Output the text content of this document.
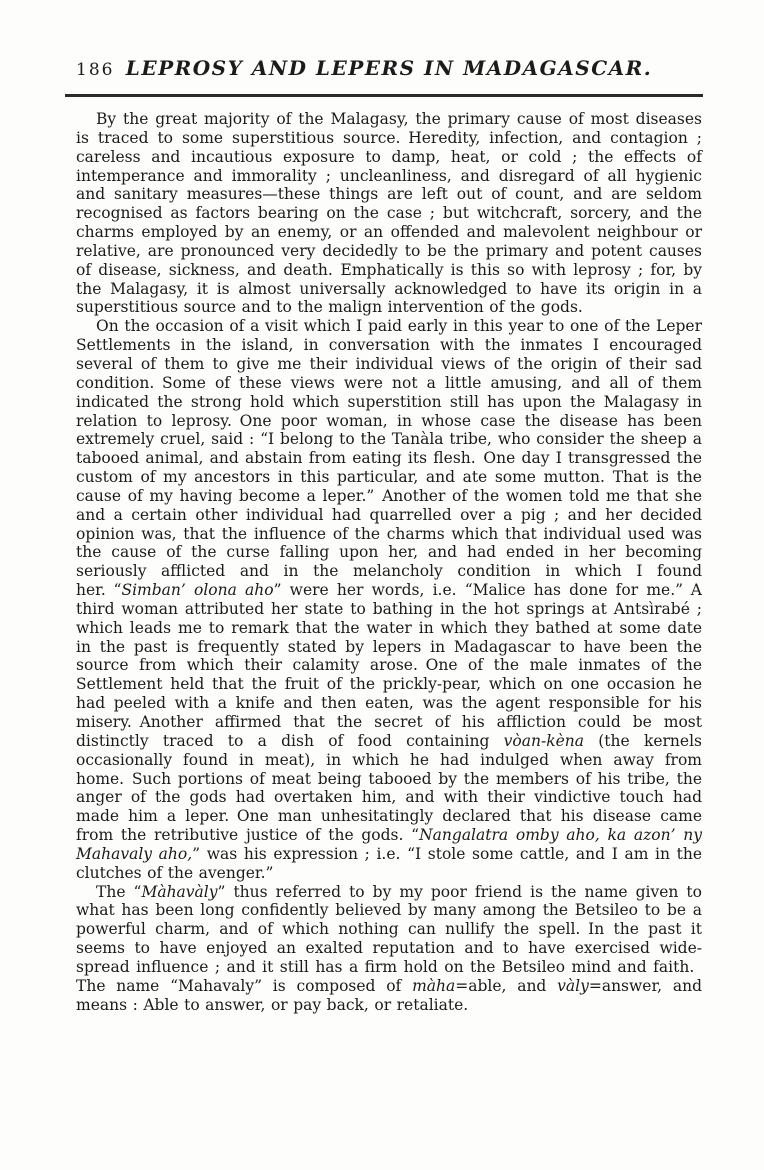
186 LEPROSY AND LEPERS IN MADAGASCAR.

By the great majority of the Malagasy, the primary cause of most diseases is traced to some superstitious source. Heredity, infection, and contagion ; careless and incautious exposure to damp, heat, or cold ; the effects of intemperance and immorality ; uncleanliness, and disregard of all hygienic and sanitary measures—these things are left out of count, and are seldom recognised as factors bearing on the case ; but witchcraft, sorcery, and the charms employed by an enemy, or an offended and malevolent neighbour or relative, are pronounced very decidedly to be the primary and potent causes of disease, sickness, and death. Emphatically is this so with leprosy ; for, by the Malagasy, it is almost universally acknowledged to have its origin in a superstitious source and to the malign intervention of the gods.

On the occasion of a visit which I paid early in this year to one of the Leper Settlements in the island, in conversation with the inmates I encouraged several of them to give me their individual views of the origin of their sad condition. Some of these views were not a little amusing, and all of them indicated the strong hold which superstition still has upon the Malagasy in relation to leprosy. One poor woman, in whose case the disease has been extremely cruel, said : “I belong to the Tanàla tribe, who consider the sheep a tabooed animal, and abstain from eating its flesh. One day I transgressed the custom of my ancestors in this particular, and ate some mutton. That is the cause of my having become a leper.” Another of the women told me that she and a certain other individual had quarrelled over a pig ; and her decided opinion was, that the influence of the charms which that individual used was the cause of the curse falling upon her, and had ended in her becoming seriously afflicted and in the melancholy condition in which I found her. “Simban’ olona aho” were her words, i.e. “Malice has done for me.” A third woman attributed her state to bathing in the hot springs at Antsìrabé ; which leads me to remark that the water in which they bathed at some date in the past is frequently stated by lepers in Madagascar to have been the source from which their calamity arose. One of the male inmates of the Settlement held that the fruit of the prickly-pear, which on one occasion he had peeled with a knife and then eaten, was the agent responsible for his misery. Another affirmed that the secret of his affliction could be most distinctly traced to a dish of food containing vòan-kèna (the kernels occasionally found in meat), in which he had indulged when away from home. Such portions of meat being tabooed by the members of his tribe, the anger of the gods had overtaken him, and with their vindictive touch had made him a leper. One man unhesitatingly declared that his disease came from the retributive justice of the gods. “Nangalatra omby aho, ka azon’ ny Mahavaly aho,” was his expression ; i.e. “I stole some cattle, and I am in the clutches of the avenger.”

The “Màhavàly” thus referred to by my poor friend is the name given to what has been long confidently believed by many among the Betsileo to be a powerful charm, and of which nothing can nullify the spell. In the past it seems to have enjoyed an exalted reputation and to have exercised wide-spread influence ; and it still has a firm hold on the Betsileo mind and faith. The name “Mahavaly” is composed of màha=able, and vàly=answer, and means : Able to answer, or pay back, or retaliate.
